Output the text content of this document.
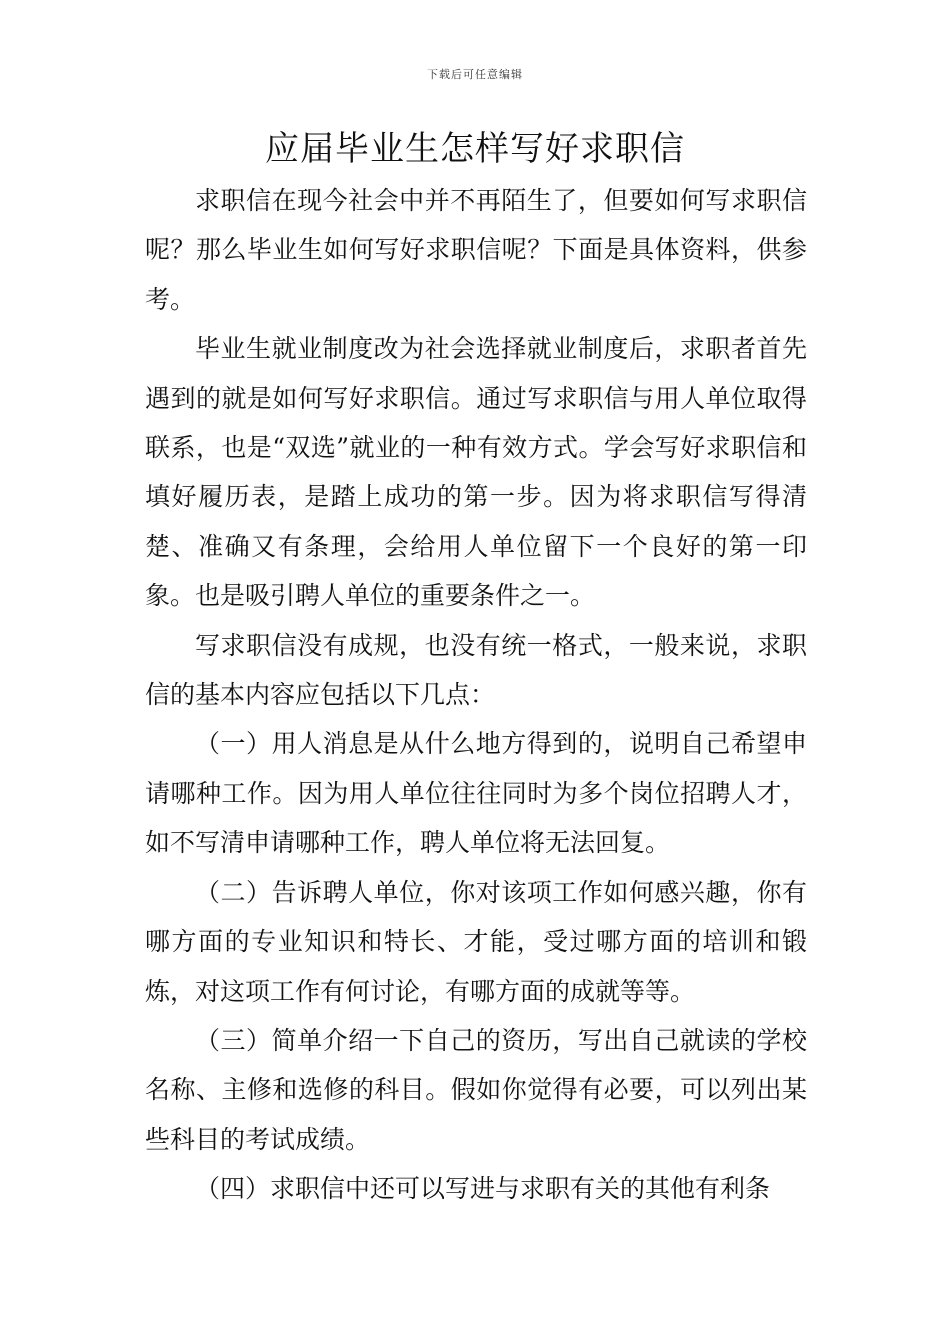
下载后可任意编辑
应届毕业生怎样写好求职信

求职信在现今社会中并不再陌生了，但要如何写求职信呢？那么毕业生如何写好求职信呢？下面是具体资料，供参考。

毕业生就业制度改为社会选择就业制度后，求职者首先遇到的就是如何写好求职信。通过写求职信与用人单位取得联系，也是“双选”就业的一种有效方式。学会写好求职信和填好履历表，是踏上成功的第一步。因为将求职信写得清楚、准确又有条理，会给用人单位留下一个良好的第一印象。也是吸引聘人单位的重要条件之一。

写求职信没有成规，也没有统一格式，一般来说，求职信的基本内容应包括以下几点：

（一）用人消息是从什么地方得到的，说明自己希望申请哪种工作。因为用人单位往往同时为多个岗位招聘人才，如不写清申请哪种工作，聘人单位将无法回复。

（二）告诉聘人单位，你对该项工作如何感兴趣，你有哪方面的专业知识和特长、才能，受过哪方面的培训和锻炼，对这项工作有何讨论，有哪方面的成就等等。

（三）简单介绍一下自己的资历，写出自己就读的学校名称、主修和选修的科目。假如你觉得有必要，可以列出某些科目的考试成绩。

（四）求职信中还可以写进与求职有关的其他有利条
